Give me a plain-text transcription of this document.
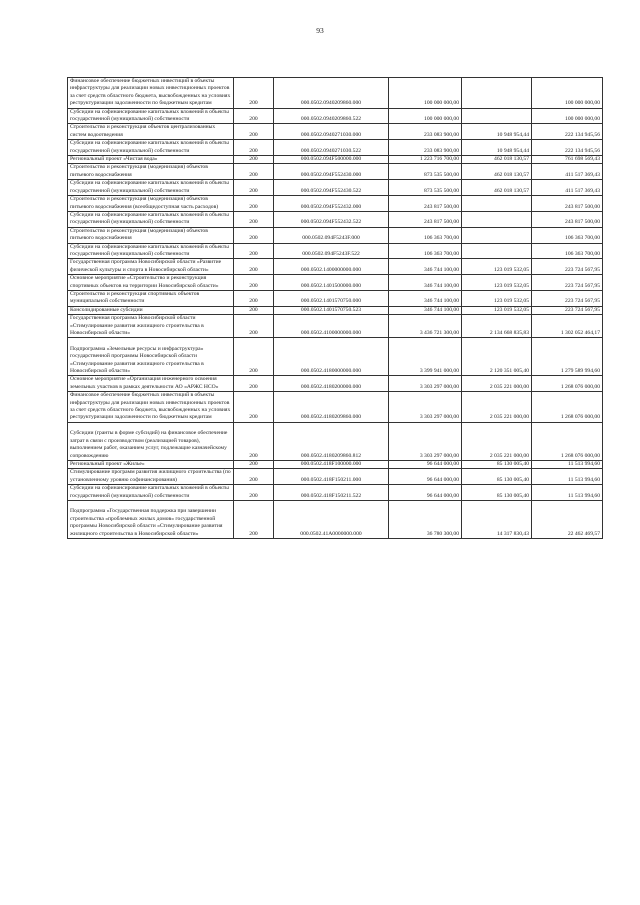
93
Финансовое обеспечение бюджетных инвестиций в объекты инфраструктуры для реализации новых инвестиционных проектов за счет средств областного бюджета, высвобожденных на условиях реструктуризации задолженности по бюджетным кредитам	200	000.0502.0940209860.000	100 000 000,00		100 000 000,00
Субсидии на софинансирование капитальных вложений в объекты государственной (муниципальной) собственности	200	000.0502.0940209860.522	100 000 000,00		100 000 000,00
Строительство и реконструкция объектов централизованных систем водоотведения	200	000.0502.0940271030.000	233 083 900,00	10 948 954,44	222 134 945,56
Субсидии на софинансирование капитальных вложений в объекты государственной (муниципальной) собственности	200	000.0502.0940271030.522	233 083 900,00	10 948 954,44	222 134 945,56
Региональный проект «Чистая вода»	200	000.0502.094F500000.000	1 223 716 700,00	462 018 130,57	761 698 569,43
Строительство и реконструкция (модернизация) объектов питьевого водоснабжения	200	000.0502.094F552430.000	873 535 500,00	462 018 130,57	411 517 369,43
Субсидии на софинансирование капитальных вложений в объекты государственной (муниципальной) собственности	200	000.0502.094F552430.522	873 535 500,00	462 018 130,57	411 517 369,43
Строительство и реконструкция (модернизация) объектов питьевого водоснабжения (всеобщедоступная часть расходов)	200	000.0502.094F552432.000	243 817 500,00		243 817 500,00
Субсидии на софинансирование капитальных вложений в объекты государственной (муниципальной) собственности	200	000.0502.094F552432.522	243 817 500,00		243 817 500,00
Строительство и реконструкция (модернизация) объектов питьевого водоснабжения	200	000.0502.094F5243F.000	106 363 700,00		106 363 700,00
Субсидии на софинансирование капитальных вложений в объекты государственной (муниципальной) собственности	200	000.0502.094F5243F.522	106 363 700,00		106 363 700,00
Государственная программа Новосибирской области «Развитие физической культуры и спорта в Новосибирской области»	200	000.0502.1400000000.000	346 744 100,00	123 019 532,05	223 724 567,95
Основное мероприятие «Строительство и реконструкция спортивных объектов на территории Новосибирской области»	200	000.0502.1401500000.000	346 744 100,00	123 019 532,05	223 724 567,95
Строительство и реконструкция спортивных объектов муниципальной собственности	200	000.0502.1401570750.000	346 744 100,00	123 019 532,05	223 724 567,95
Консолидированные субсидии	200	000.0502.1401570750.523	346 744 100,00	123 019 532,05	223 724 567,95
Государственная программа Новосибирской области «Стимулирование развития жилищного строительства в Новосибирской области»	200	000.0502.4100000000.000	3 436 721 300,00	2 134 668 835,83	1 302 052 464,17

Подпрограмма «Земельные ресурсы и инфраструктура» государственной программы Новосибирской области «Стимулирование развития жилищного строительства в Новосибирской области»	200	000.0502.4180000000.000	3 399 941 000,00	2 120 351 005,40	1 279 589 994,60
Основное мероприятие «Организация инженерного освоения земельных участков в рамках деятельности АО «АРЖС НСО»	200	000.0502.4180200000.000	3 303 297 000,00	2 035 221 000,00	1 268 076 000,00
Финансовое обеспечение бюджетных инвестиций в объекты инфраструктуры для реализации новых инвестиционных проектов за счет средств областного бюджета, высвобожденных на условиях реструктуризации задолженности по бюджетным кредитам	200	000.0502.4180209860.000	3 303 297 000,00	2 035 221 000,00	1 268 076 000,00

Субсидии (гранты в форме субсидий) на финансовое обеспечение затрат в связи с производством (реализацией товаров), выполнением работ, оказанием услуг, подлежащие казначейскому сопровождению	200	000.0502.4180209860.812	3 303 297 000,00	2 035 221 000,00	1 268 076 000,00
Региональный проект «Жилье»	200	000.0502.418F100000.000	96 644 000,00	85 130 005,40	11 513 994,60
Стимулирование программ развития жилищного строительства (по установленному уровню софинансирования)	200	000.0502.418F150211.000	96 644 000,00	85 130 005,40	11 513 994,60
Субсидии на софинансирование капитальных вложений в объекты государственной (муниципальной) собственности	200	000.0502.418F150211.522	96 644 000,00	85 130 005,40	11 513 994,60

Подпрограмма «Государственная поддержка при завершении строительства «проблемных жилых домов» государственной программы Новосибирской области «Стимулирование развития жилищного строительства в Новосибирской области»	200	000.0502.41A0000000.000	36 780 300,00	14 317 830,43	22 462 469,57
